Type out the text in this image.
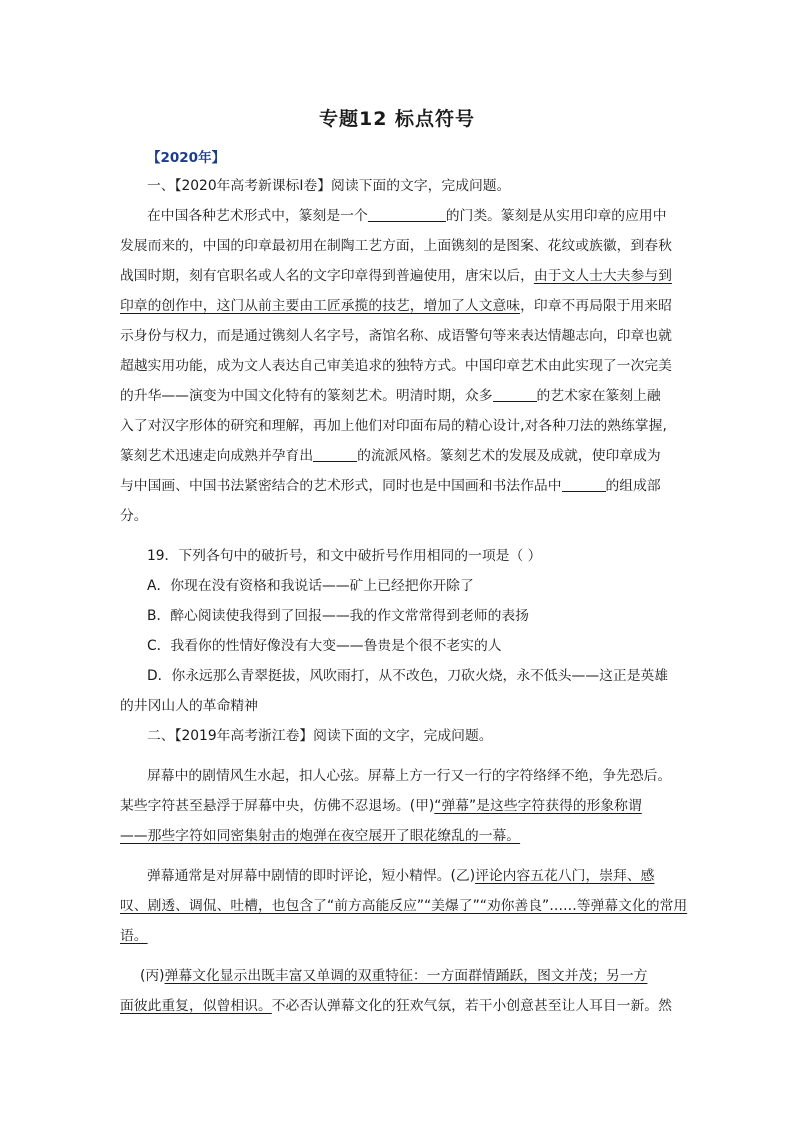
专题12 标点符号
【2020年】
一、【2020年高考新课标Ⅰ卷】阅读下面的文字，完成问题。
在中国各种艺术形式中，篆刻是一个	的门类。篆刻是从实用印章的应用中
发展而来的，中国的印章最初用在制陶工艺方面，上面镌刻的是图案、花纹或族徽，到春秋
战国时期，刻有官职名或人名的文字印章得到普遍使用，唐宋以后，由于文人士大夫参与到
印章的创作中，这门从前主要由工匠承揽的技艺，增加了人文意味，印章不再局限于用来昭
示身份与权力，而是通过镌刻人名字号，斋馆名称、成语警句等来表达情趣志向，印章也就
超越实用功能，成为文人表达自己审美追求的独特方式。中国印章艺术由此实现了一次完美
的升华——演变为中国文化特有的篆刻艺术。明清时期，众多	的艺术家在篆刻上融
入了对汉字形体的研究和理解，再加上他们对印面布局的精心设计,对各种刀法的熟练掌握,
篆刻艺术迅速走向成熟并孕育出	的流派风格。篆刻艺术的发展及成就，使印章成为
与中国画、中国书法紧密结合的艺术形式，同时也是中国画和书法作品中	的组成部
分。
19．下列各句中的破折号，和文中破折号作用相同的一项是（ ）
A．你现在没有资格和我说话——矿上已经把你开除了
B．醉心阅读使我得到了回报——我的作文常常得到老师的表扬
C．我看你的性情好像没有大变——鲁贵是个很不老实的人
D．你永远那么青翠挺拔，风吹雨打，从不改色，刀砍火烧，永不低头——这正是英雄
的井冈山人的革命精神
二、【2019年高考浙江卷】阅读下面的文字，完成问题。
屏幕中的剧情风生水起，扣人心弦。屏幕上方一行又一行的字符络绎不绝，争先恐后。
某些字符甚至悬浮于屏幕中央，仿佛不忍退场。(甲)“弹幕”是这些字符获得的形象称谓
——那些字符如同密集射击的炮弹在夜空展开了眼花缭乱的一幕。
弹幕通常是对屏幕中剧情的即时评论，短小精悍。(乙)评论内容五花八门，崇拜、感
叹、剧透、调侃、吐槽，也包含了“前方高能反应”“美爆了”“劝你善良”……等弹幕文化的常用
语。
(丙)弹幕文化显示出既丰富又单调的双重特征：一方面群情踊跃，图文并茂；另一方
面彼此重复，似曾相识。不必否认弹幕文化的狂欢气氛，若干小创意甚至让人耳目一新。然
